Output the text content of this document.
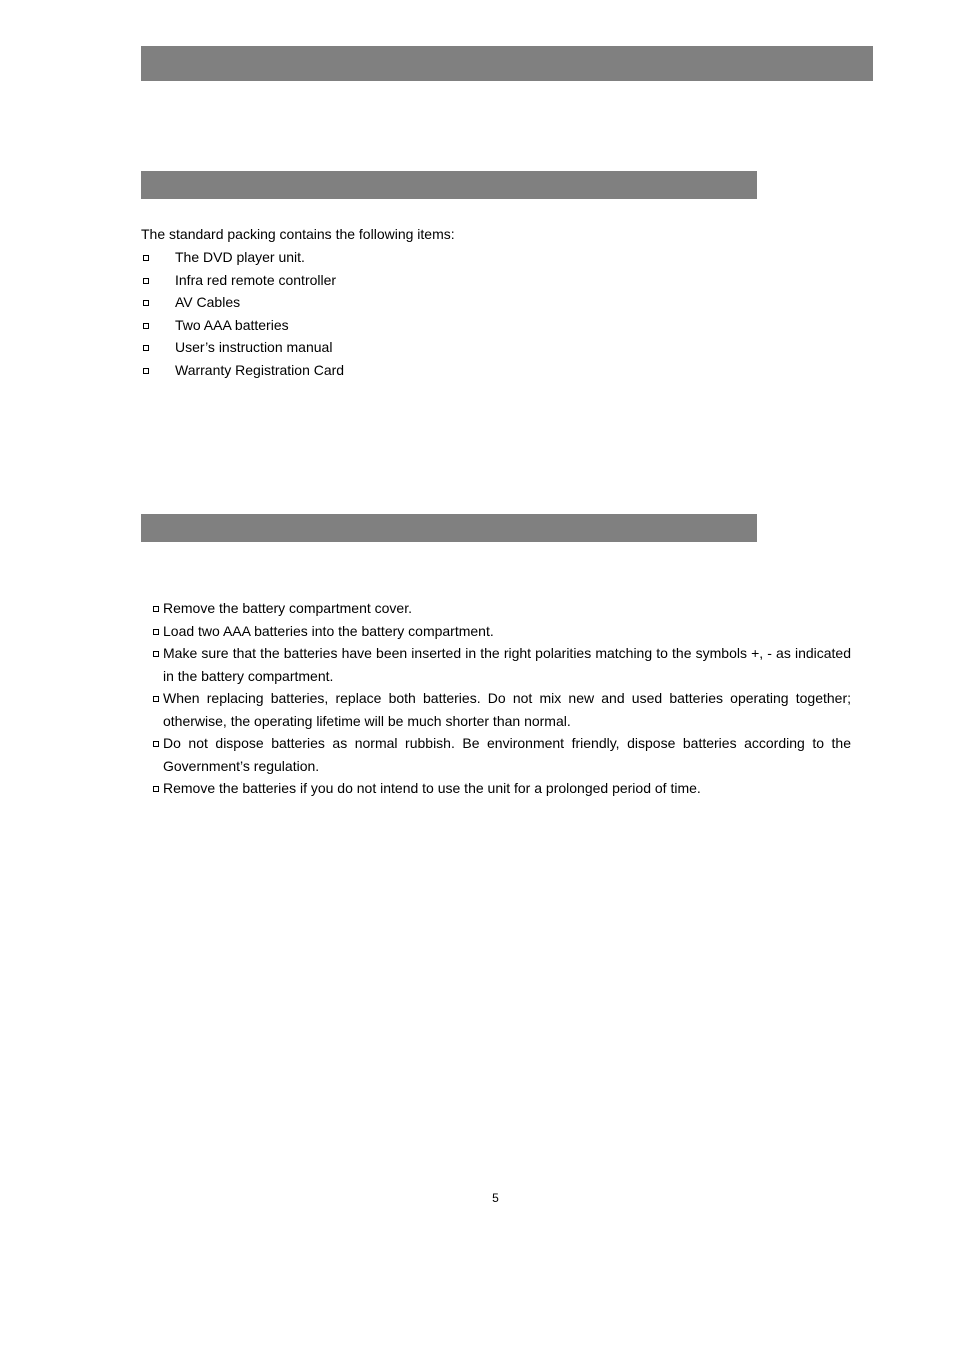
The standard packing contains the following items:

The DVD player unit.
Infra red remote controller
AV Cables
Two AAA batteries
User’s instruction manual
Warranty Registration Card
Remove the battery compartment cover.
Load two AAA batteries into the battery compartment.
Make sure that the batteries have been inserted in the right polarities matching to the symbols +, - as indicated in the battery compartment.
When replacing batteries, replace both batteries. Do not mix new and used batteries operating together; otherwise, the operating lifetime will be much shorter than normal.
Do not dispose batteries as normal rubbish. Be environment friendly, dispose batteries according to the Government’s regulation.
Remove the batteries if you do not intend to use the unit for a prolonged period of time.
5
